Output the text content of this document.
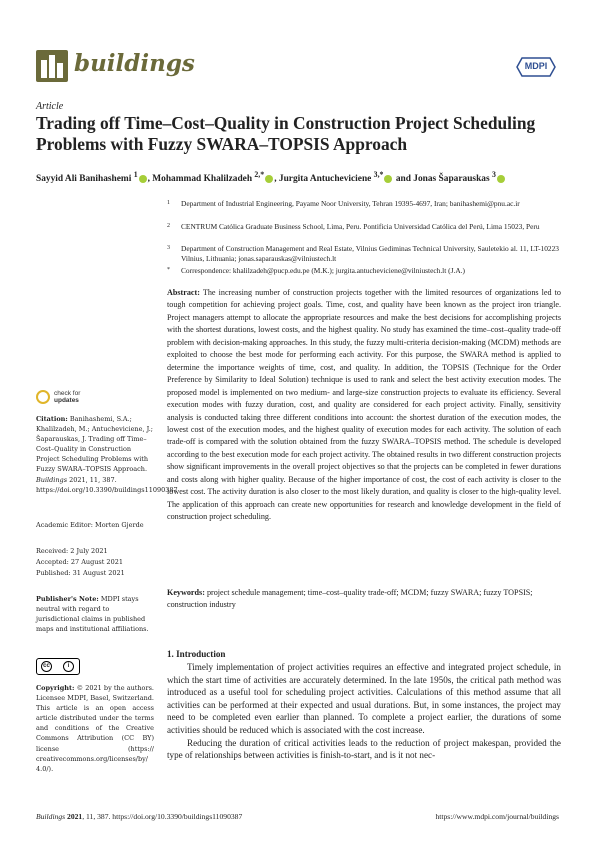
buildings	MDPI
Article
Trading off Time–Cost–Quality in Construction Project Scheduling Problems with Fuzzy SWARA–TOPSIS Approach
Sayyid Ali Banihashemi $^1$ , Mohammad Khalilzadeh $^{2,*}$ , Jurgita Antucheviciene $^{3,*}$ and Jonas Šaparauskas $^3$
1 Department of Industrial Engineering, Payame Noor University, Tehran 19395-4697, Iran; banihashemi@pnu.ac.ir
2 CENTRUM Católica Graduate Business School, Lima, Peru. Pontificia Universidad Católica del Perú, Lima 15023, Peru
3 Department of Construction Management and Real Estate, Vilnius Gediminas Technical University, Sauletekio al. 11, LT-10223 Vilnius, Lithuania; jonas.saparauskas@vilniustech.lt
* Correspondence: khalilzadeh@pucp.edu.pe (M.K.); jurgita.antucheviciene@vilniustech.lt (J.A.)
Abstract: The increasing number of construction projects together with the limited resources of organizations led to tough competition for achieving project goals. Time, cost, and quality have been known as the project iron triangle. Project managers attempt to allocate the appropriate resources and make the best decisions for accomplishing projects with the shortest durations, lowest costs, and the highest quality. No study has examined the time–cost–quality trade-off problem with decision-making approaches. In this study, the fuzzy multi-criteria decision-making (MCDM) methods are exploited to choose the best mode for performing each activity. For this purpose, the SWARA method is applied to determine the importance weights of time, cost, and quality. In addition, the TOPSIS (Technique for the Order Preference by Similarity to Ideal Solution) technique is used to rank and select the best activity execution modes. The proposed model is implemented on two medium- and large-size construction projects to evaluate its efficiency. Several execution modes with fuzzy duration, cost, and quality are considered for each project activity. Finally, sensitivity analysis is conducted taking three different conditions into account: the shortest duration of the execution modes, the lowest cost of the execution modes, and the highest quality of execution modes for each activity. The solution of each trade-off is compared with the solution obtained from the fuzzy SWARA–TOPSIS method. The schedule is developed according to the best execution mode for each project activity. The obtained results in two different construction projects show significant improvements in the overall project objectives so that the projects can be completed in fewer durations and costs along with higher quality. Because of the higher importance of cost, the cost of each activity is closer to the lowest cost. The activity duration is also closer to the most likely duration, and quality is closer to the high-quality level. The application of this approach can create new opportunities for research and knowledge development in the field of construction project scheduling.
Keywords: project schedule management; time–cost–quality trade-off; MCDM; fuzzy SWARA; fuzzy TOPSIS; construction industry
check for
updates
Citation: Banihashemi, S.A.; Khalilzadeh, M.; Antucheviciene, J.; Šaparauskas, J. Trading off Time–Cost–Quality in Construction Project Scheduling Problems with Fuzzy SWARA–TOPSIS Approach. Buildings 2021, 11, 387. https://doi.org/10.3390/buildings11090387
Academic Editor: Morten Gjerde
Received: 2 July 2021
Accepted: 27 August 2021
Published: 31 August 2021
Publisher's Note: MDPI stays neutral with regard to jurisdictional claims in published maps and institutional affiliations.
cc	i
Copyright: © 2021 by the authors. Licensee MDPI, Basel, Switzerland. This article is an open access article distributed under the terms and conditions of the Creative Commons Attribution (CC BY) license (https:// creativecommons.org/licenses/by/ 4.0/).
1. Introduction

Timely implementation of project activities requires an effective and integrated project schedule, in which the start time of activities are accurately determined. In the late 1950s, the critical path method was introduced as a useful tool for scheduling project activities. Calculations of this method assume that all activities can be performed at their expected and usual durations. But, in some instances, the project may need to be completed even earlier than planned. To complete a project earlier, the durations of some activities should be reduced which is associated with the cost increase.

Reducing the duration of critical activities leads to the reduction of project makespan, provided the type of relationships between activities is finish-to-start, and is it not nec-

Buildings 2021, 11, 387. https://doi.org/10.3390/buildings11090387	https://www.mdpi.com/journal/buildings
